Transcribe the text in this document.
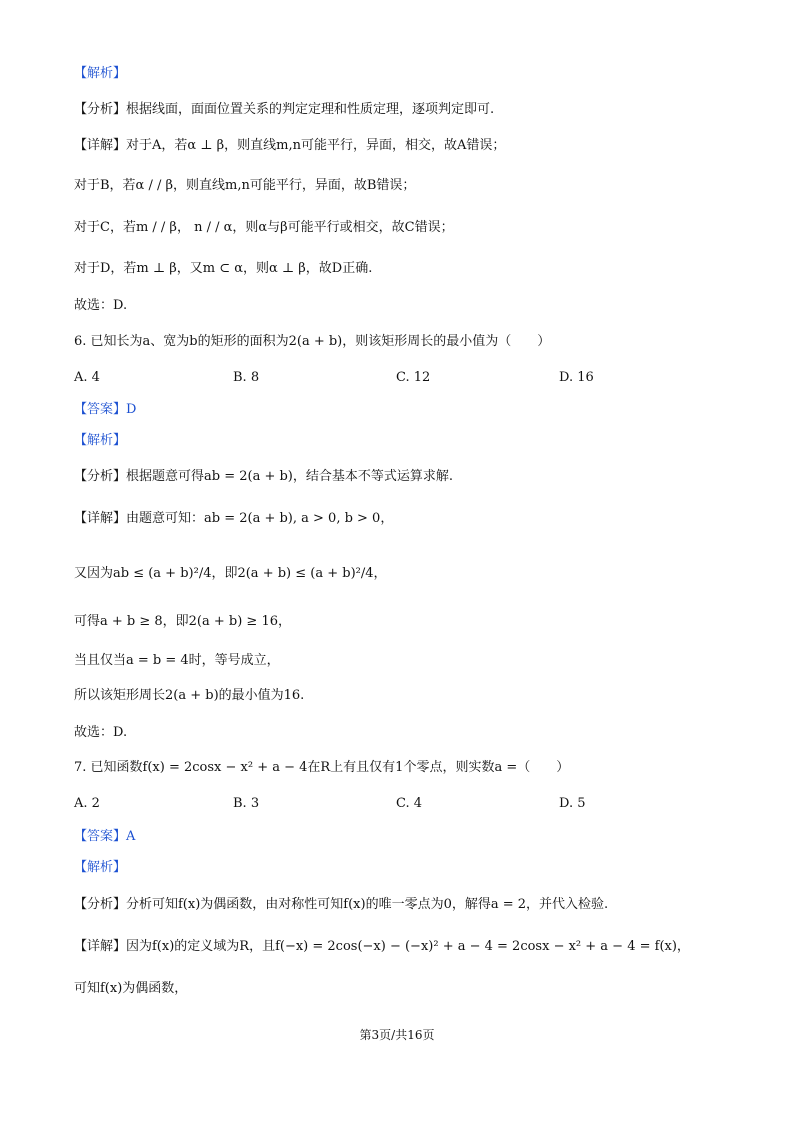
【解析】
【分析】根据线面，面面位置关系的判定定理和性质定理，逐项判定即可.
【详解】对于A，若α ⊥ β，则直线m,n可能平行，异面，相交，故A错误；
对于B，若α / / β，则直线m,n可能平行，异面，故B错误；
对于C，若m / / β， n / / α，则α与β可能平行或相交，故C错误；
对于D，若m ⊥ β，又m ⊂ α，则α ⊥ β，故D正确.
故选：D.
6. 已知长为a、宽为b的矩形的面积为2(a + b)，则该矩形周长的最小值为（　　）
A. 4	B. 8	C. 12	D. 16
【答案】D
【解析】
【分析】根据题意可得ab = 2(a + b)，结合基本不等式运算求解.
【详解】由题意可知：ab = 2(a + b), a > 0, b > 0，
又因为ab ≤ (a + b)²/4，即2(a + b) ≤ (a + b)²/4，
可得a + b ≥ 8，即2(a + b) ≥ 16，
当且仅当a = b = 4时，等号成立，
所以该矩形周长2(a + b)的最小值为16.
故选：D.
7. 已知函数f(x) = 2cosx − x² + a − 4在R上有且仅有1个零点，则实数a =（　　）
A. 2	B. 3	C. 4	D. 5
【答案】A
【解析】
【分析】分析可知f(x)为偶函数，由对称性可知f(x)的唯一零点为0，解得a = 2，并代入检验.
【详解】因为f(x)的定义域为R，且f(−x) = 2cos(−x) − (−x)² + a − 4 = 2cosx − x² + a − 4 = f(x)，
可知f(x)为偶函数，
第3页/共16页
